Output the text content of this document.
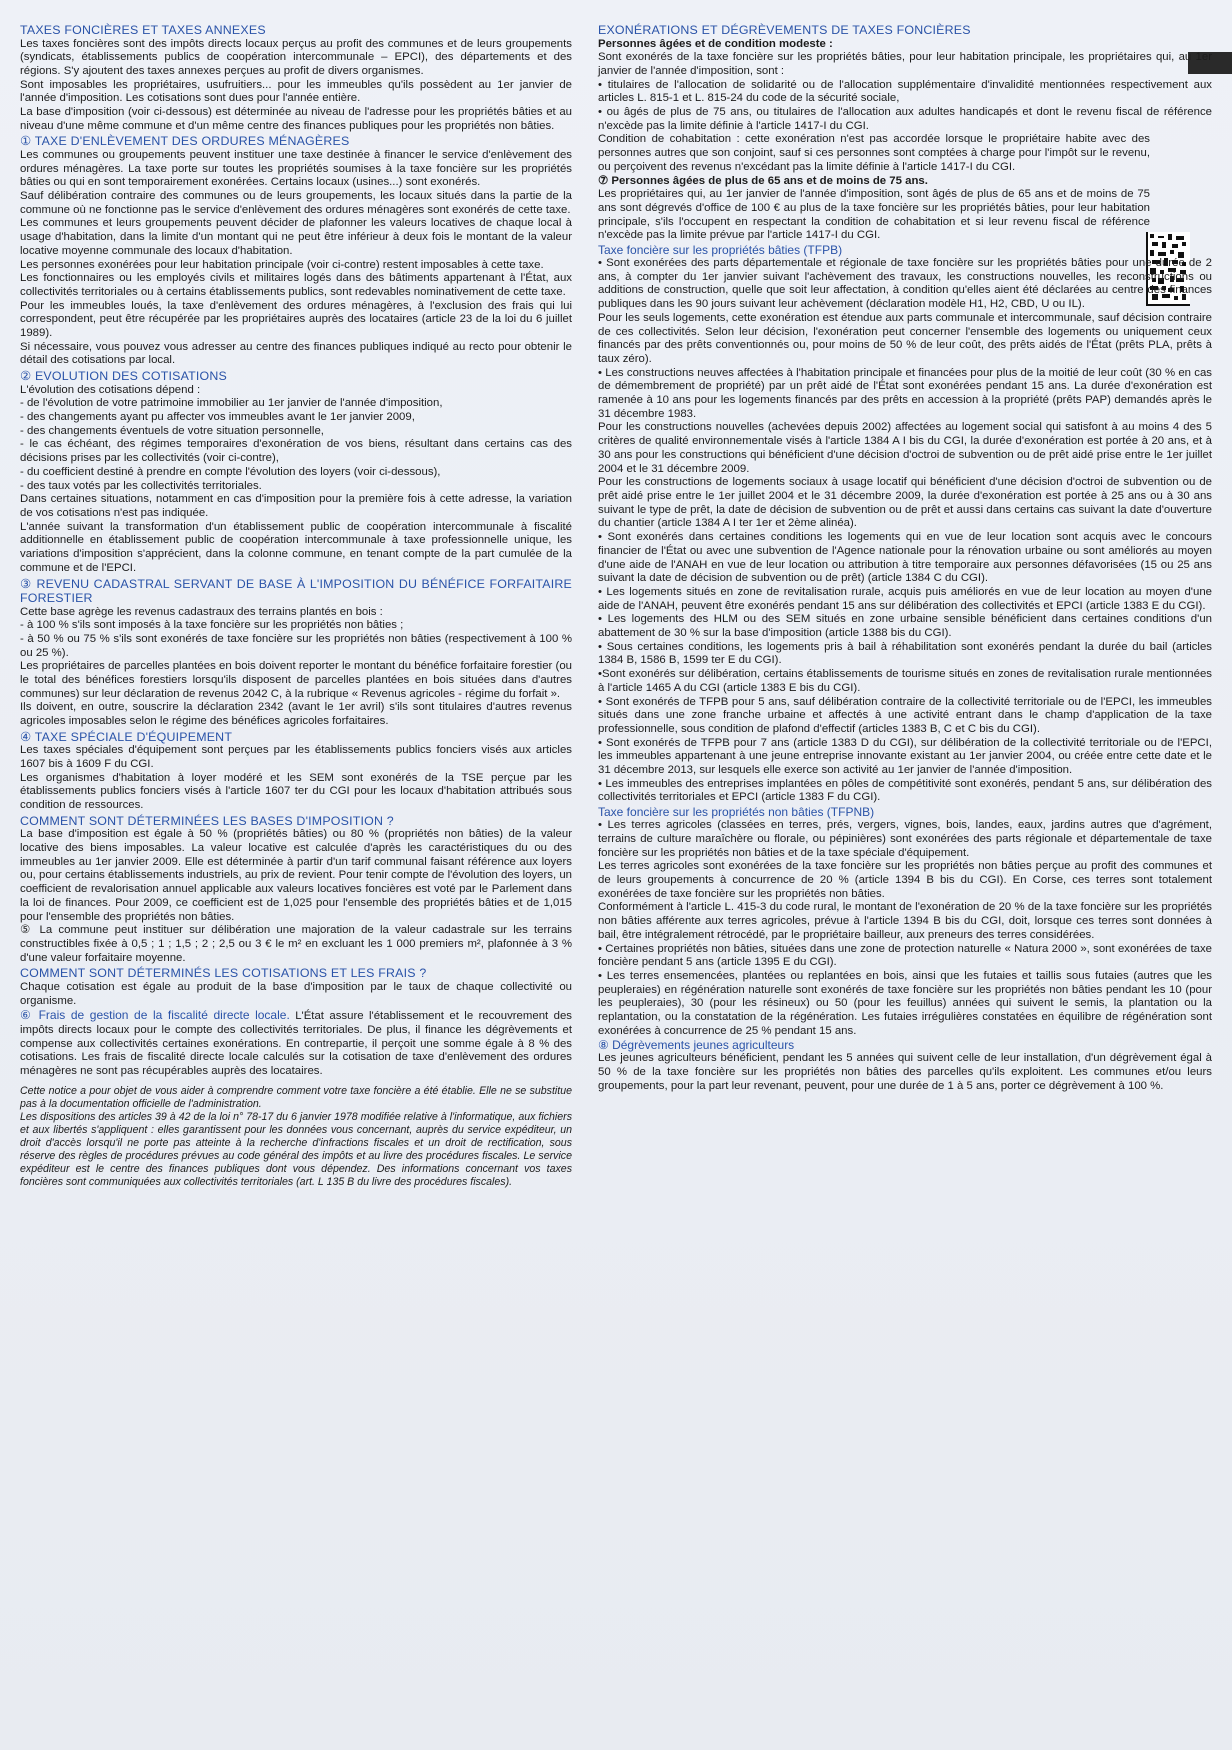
TAXES FONCIÈRES ET TAXES ANNEXES

Les taxes foncières sont des impôts directs locaux perçus au profit des communes et de leurs groupements (syndicats, établissements publics de coopération intercommunale – EPCI), des départements et des régions. S'y ajoutent des taxes annexes perçues au profit de divers organismes.

Sont imposables les propriétaires, usufruitiers... pour les immeubles qu'ils possèdent au 1er janvier de l'année d'imposition. Les cotisations sont dues pour l'année entière.

La base d'imposition (voir ci-dessous) est déterminée au niveau de l'adresse pour les propriétés bâties et au niveau d'une même commune et d'un même centre des finances publiques pour les propriétés non bâties.

① TAXE D'ENLÈVEMENT DES ORDURES MÉNAGÈRES

Les communes ou groupements peuvent instituer une taxe destinée à financer le service d'enlèvement des ordures ménagères. La taxe porte sur toutes les propriétés soumises à la taxe foncière sur les propriétés bâties ou qui en sont temporairement exonérées. Certains locaux (usines...) sont exonérés.

Sauf délibération contraire des communes ou de leurs groupements, les locaux situés dans la partie de la commune où ne fonctionne pas le service d'enlèvement des ordures ménagères sont exonérés de cette taxe.

Les communes et leurs groupements peuvent décider de plafonner les valeurs locatives de chaque local à usage d'habitation, dans la limite d'un montant qui ne peut être inférieur à deux fois le montant de la valeur locative moyenne communale des locaux d'habitation.

Les personnes exonérées pour leur habitation principale (voir ci-contre) restent imposables à cette taxe.

Les fonctionnaires ou les employés civils et militaires logés dans des bâtiments appartenant à l'État, aux collectivités territoriales ou à certains établissements publics, sont redevables nominativement de cette taxe.

Pour les immeubles loués, la taxe d'enlèvement des ordures ménagères, à l'exclusion des frais qui lui correspondent, peut être récupérée par les propriétaires auprès des locataires (article 23 de la loi du 6 juillet 1989).

Si nécessaire, vous pouvez vous adresser au centre des finances publiques indiqué au recto pour obtenir le détail des cotisations par local.

② EVOLUTION DES COTISATIONS

L'évolution des cotisations dépend :

- de l'évolution de votre patrimoine immobilier au 1er janvier de l'année d'imposition,

- des changements ayant pu affecter vos immeubles avant le 1er janvier 2009,

- des changements éventuels de votre situation personnelle,

- le cas échéant, des régimes temporaires d'exonération de vos biens, résultant dans certains cas des décisions prises par les collectivités (voir ci-contre),

- du coefficient destiné à prendre en compte l'évolution des loyers (voir ci-dessous),

- des taux votés par les collectivités territoriales.

Dans certaines situations, notamment en cas d'imposition pour la première fois à cette adresse, la variation de vos cotisations n'est pas indiquée.

L'année suivant la transformation d'un établissement public de coopération intercommunale à fiscalité additionnelle en établissement public de coopération intercommunale à taxe professionnelle unique, les variations d'imposition s'apprécient, dans la colonne commune, en tenant compte de la part cumulée de la commune et de l'EPCI.

③ REVENU CADASTRAL SERVANT DE BASE À L'IMPOSITION DU BÉNÉFICE FORFAITAIRE FORESTIER

Cette base agrège les revenus cadastraux des terrains plantés en bois :

- à 100 % s'ils sont imposés à la taxe foncière sur les propriétés non bâties ;

- à 50 % ou 75 % s'ils sont exonérés de taxe foncière sur les propriétés non bâties (respectivement à 100 % ou 25 %).

Les propriétaires de parcelles plantées en bois doivent reporter le montant du bénéfice forfaitaire forestier (ou le total des bénéfices forestiers lorsqu'ils disposent de parcelles plantées en bois situées dans d'autres communes) sur leur déclaration de revenus 2042 C, à la rubrique « Revenus agricoles - régime du forfait ».

Ils doivent, en outre, souscrire la déclaration 2342 (avant le 1er avril) s'ils sont titulaires d'autres revenus agricoles imposables selon le régime des bénéfices agricoles forfaitaires.

④ TAXE SPÉCIALE D'ÉQUIPEMENT

Les taxes spéciales d'équipement sont perçues par les établissements publics fonciers visés aux articles 1607 bis à 1609 F du CGI.

Les organismes d'habitation à loyer modéré et les SEM sont exonérés de la TSE perçue par les établissements publics fonciers visés à l'article 1607 ter du CGI pour les locaux d'habitation attribués sous condition de ressources.

COMMENT SONT DÉTERMINÉES LES BASES D'IMPOSITION ?

La base d'imposition est égale à 50 % (propriétés bâties) ou 80 % (propriétés non bâties) de la valeur locative des biens imposables. La valeur locative est calculée d'après les caractéristiques du ou des immeubles au 1er janvier 2009. Elle est déterminée à partir d'un tarif communal faisant référence aux loyers ou, pour certains établissements industriels, au prix de revient. Pour tenir compte de l'évolution des loyers, un coefficient de revalorisation annuel applicable aux valeurs locatives foncières est voté par le Parlement dans la loi de finances. Pour 2009, ce coefficient est de 1,025 pour l'ensemble des propriétés bâties et de 1,015 pour l'ensemble des propriétés non bâties.

⑤ La commune peut instituer sur délibération une majoration de la valeur cadastrale sur les terrains constructibles fixée à 0,5 ; 1 ; 1,5 ; 2 ; 2,5 ou 3 € le m² en excluant les 1 000 premiers m², plafonnée à 3 % d'une valeur forfaitaire moyenne.

COMMENT SONT DÉTERMINÉS LES COTISATIONS ET LES FRAIS ?

Chaque cotisation est égale au produit de la base d'imposition par le taux de chaque collectivité ou organisme.

⑥ Frais de gestion de la fiscalité directe locale. L'État assure l'établissement et le recouvrement des impôts directs locaux pour le compte des collectivités territoriales. De plus, il finance les dégrèvements et compense aux collectivités certaines exonérations. En contrepartie, il perçoit une somme égale à 8 % des cotisations. Les frais de fiscalité directe locale calculés sur la cotisation de taxe d'enlèvement des ordures ménagères ne sont pas récupérables auprès des locataires.

Cette notice a pour objet de vous aider à comprendre comment votre taxe foncière a été établie. Elle ne se substitue pas à la documentation officielle de l'administration.

Les dispositions des articles 39 à 42 de la loi n° 78-17 du 6 janvier 1978 modifiée relative à l'informatique, aux fichiers et aux libertés s'appliquent : elles garantissent pour les données vous concernant, auprès du service expéditeur, un droit d'accès lorsqu'il ne porte pas atteinte à la recherche d'infractions fiscales et un droit de rectification, sous réserve des règles de procédures prévues au code général des impôts et au livre des procédures fiscales. Le service expéditeur est le centre des finances publiques dont vous dépendez. Des informations concernant vos taxes foncières sont communiquées aux collectivités territoriales (art. L 135 B du livre des procédures fiscales).

EXONÉRATIONS ET DÉGRÈVEMENTS DE TAXES FONCIÈRES

Personnes âgées et de condition modeste :

Sont exonérés de la taxe foncière sur les propriétés bâties, pour leur habitation principale, les propriétaires qui, au 1er janvier de l'année d'imposition, sont :

• titulaires de l'allocation de solidarité ou de l'allocation supplémentaire d'invalidité mentionnées respectivement aux articles L. 815-1 et L. 815-24 du code de la sécurité sociale,

• ou âgés de plus de 75 ans, ou titulaires de l'allocation aux adultes handicapés et dont le revenu fiscal de référence n'excède pas la limite définie à l'article 1417-I du CGI.

Condition de cohabitation : cette exonération n'est pas accordée lorsque le propriétaire habite avec des personnes autres que son conjoint, sauf si ces personnes sont comptées à charge pour l'impôt sur le revenu, ou perçoivent des revenus n'excédant pas la limite définie à l'article 1417-I du CGI.

⑦ Personnes âgées de plus de 65 ans et de moins de 75 ans.

Les propriétaires qui, au 1er janvier de l'année d'imposition, sont âgés de plus de 65 ans et de moins de 75 ans sont dégrevés d'office de 100 € au plus de la taxe foncière sur les propriétés bâties, pour leur habitation principale, s'ils l'occupent en respectant la condition de cohabitation et si leur revenu fiscal de référence n'excède pas la limite prévue par l'article 1417-I du CGI.

Taxe foncière sur les propriétés bâties (TFPB)

• Sont exonérées des parts départementale et régionale de taxe foncière sur les propriétés bâties pour une durée de 2 ans, à compter du 1er janvier suivant l'achèvement des travaux, les constructions nouvelles, les reconstructions ou additions de construction, quelle que soit leur affectation, à condition qu'elles aient été déclarées au centre des finances publiques dans les 90 jours suivant leur achèvement (déclaration modèle H1, H2, CBD, U ou IL).

Pour les seuls logements, cette exonération est étendue aux parts communale et intercommunale, sauf décision contraire de ces collectivités. Selon leur décision, l'exonération peut concerner l'ensemble des logements ou uniquement ceux financés par des prêts conventionnés ou, pour moins de 50 % de leur coût, des prêts aidés de l'État (prêts PLA, prêts à taux zéro).

• Les constructions neuves affectées à l'habitation principale et financées pour plus de la moitié de leur coût (30 % en cas de démembrement de propriété) par un prêt aidé de l'État sont exonérées pendant 15 ans. La durée d'exonération est ramenée à 10 ans pour les logements financés par des prêts en accession à la propriété (prêts PAP) demandés après le 31 décembre 1983.

Pour les constructions nouvelles (achevées depuis 2002) affectées au logement social qui satisfont à au moins 4 des 5 critères de qualité environnementale visés à l'article 1384 A I bis du CGI, la durée d'exonération est portée à 20 ans, et à 30 ans pour les constructions qui bénéficient d'une décision d'octroi de subvention ou de prêt aidé prise entre le 1er juillet 2004 et le 31 décembre 2009.

Pour les constructions de logements sociaux à usage locatif qui bénéficient d'une décision d'octroi de subvention ou de prêt aidé prise entre le 1er juillet 2004 et le 31 décembre 2009, la durée d'exonération est portée à 25 ans ou à 30 ans suivant le type de prêt, la date de décision de subvention ou de prêt et aussi dans certains cas suivant la date d'ouverture du chantier (article 1384 A I ter 1er et 2ème alinéa).

• Sont exonérés dans certaines conditions les logements qui en vue de leur location sont acquis avec le concours financier de l'État ou avec une subvention de l'Agence nationale pour la rénovation urbaine ou sont améliorés au moyen d'une aide de l'ANAH en vue de leur location ou attribution à titre temporaire aux personnes défavorisées (15 ou 25 ans suivant la date de décision de subvention ou de prêt) (article 1384 C du CGI).

• Les logements situés en zone de revitalisation rurale, acquis puis améliorés en vue de leur location au moyen d'une aide de l'ANAH, peuvent être exonérés pendant 15 ans sur délibération des collectivités et EPCI (article 1383 E du CGI).

• Les logements des HLM ou des SEM situés en zone urbaine sensible bénéficient dans certaines conditions d'un abattement de 30 % sur la base d'imposition (article 1388 bis du CGI).

• Sous certaines conditions, les logements pris à bail à réhabilitation sont exonérés pendant la durée du bail (articles 1384 B, 1586 B, 1599 ter E du CGI).

•Sont exonérés sur délibération, certains établissements de tourisme situés en zones de revitalisation rurale mentionnées à l'article 1465 A du CGI (article 1383 E bis du CGI).

• Sont exonérés de TFPB pour 5 ans, sauf délibération contraire de la collectivité territoriale ou de l'EPCI, les immeubles situés dans une zone franche urbaine et affectés à une activité entrant dans le champ d'application de la taxe professionnelle, sous condition de plafond d'effectif (articles 1383 B, C et C bis du CGI).

• Sont exonérés de TFPB pour 7 ans (article 1383 D du CGI), sur délibération de la collectivité territoriale ou de l'EPCI, les immeubles appartenant à une jeune entreprise innovante existant au 1er janvier 2004, ou créée entre cette date et le 31 décembre 2013, sur lesquels elle exerce son activité au 1er janvier de l'année d'imposition.

• Les immeubles des entreprises implantées en pôles de compétitivité sont exonérés, pendant 5 ans, sur délibération des collectivités territoriales et EPCI (article 1383 F du CGI).

Taxe foncière sur les propriétés non bâties (TFPNB)

• Les terres agricoles (classées en terres, prés, vergers, vignes, bois, landes, eaux, jardins autres que d'agrément, terrains de culture maraîchère ou florale, ou pépinières) sont exonérées des parts régionale et départementale de taxe foncière sur les propriétés non bâties et de la taxe spéciale d'équipement.

Les terres agricoles sont exonérées de la taxe foncière sur les propriétés non bâties perçue au profit des communes et de leurs groupements à concurrence de 20 % (article 1394 B bis du CGI). En Corse, ces terres sont totalement exonérées de taxe foncière sur les propriétés non bâties.

Conformément à l'article L. 415-3 du code rural, le montant de l'exonération de 20 % de la taxe foncière sur les propriétés non bâties afférente aux terres agricoles, prévue à l'article 1394 B bis du CGI, doit, lorsque ces terres sont données à bail, être intégralement rétrocédé, par le propriétaire bailleur, aux preneurs des terres considérées.

• Certaines propriétés non bâties, situées dans une zone de protection naturelle « Natura 2000 », sont exonérées de taxe foncière pendant 5 ans (article 1395 E du CGI).

• Les terres ensemencées, plantées ou replantées en bois, ainsi que les futaies et taillis sous futaies (autres que les peupleraies) en régénération naturelle sont exonérés de taxe foncière sur les propriétés non bâties pendant les 10 (pour les peupleraies), 30 (pour les résineux) ou 50 (pour les feuillus) années qui suivent le semis, la plantation ou la replantation, ou la constatation de la régénération. Les futaies irrégulières constatées en équilibre de régénération sont exonérées à concurrence de 25 % pendant 15 ans.

⑧ Dégrèvements jeunes agriculteurs

Les jeunes agriculteurs bénéficient, pendant les 5 années qui suivent celle de leur installation, d'un dégrèvement égal à 50 % de la taxe foncière sur les propriétés non bâties des parcelles qu'ils exploitent. Les communes et/ou leurs groupements, pour la part leur revenant, peuvent, pour une durée de 1 à 5 ans, porter ce dégrèvement à 100 %.
